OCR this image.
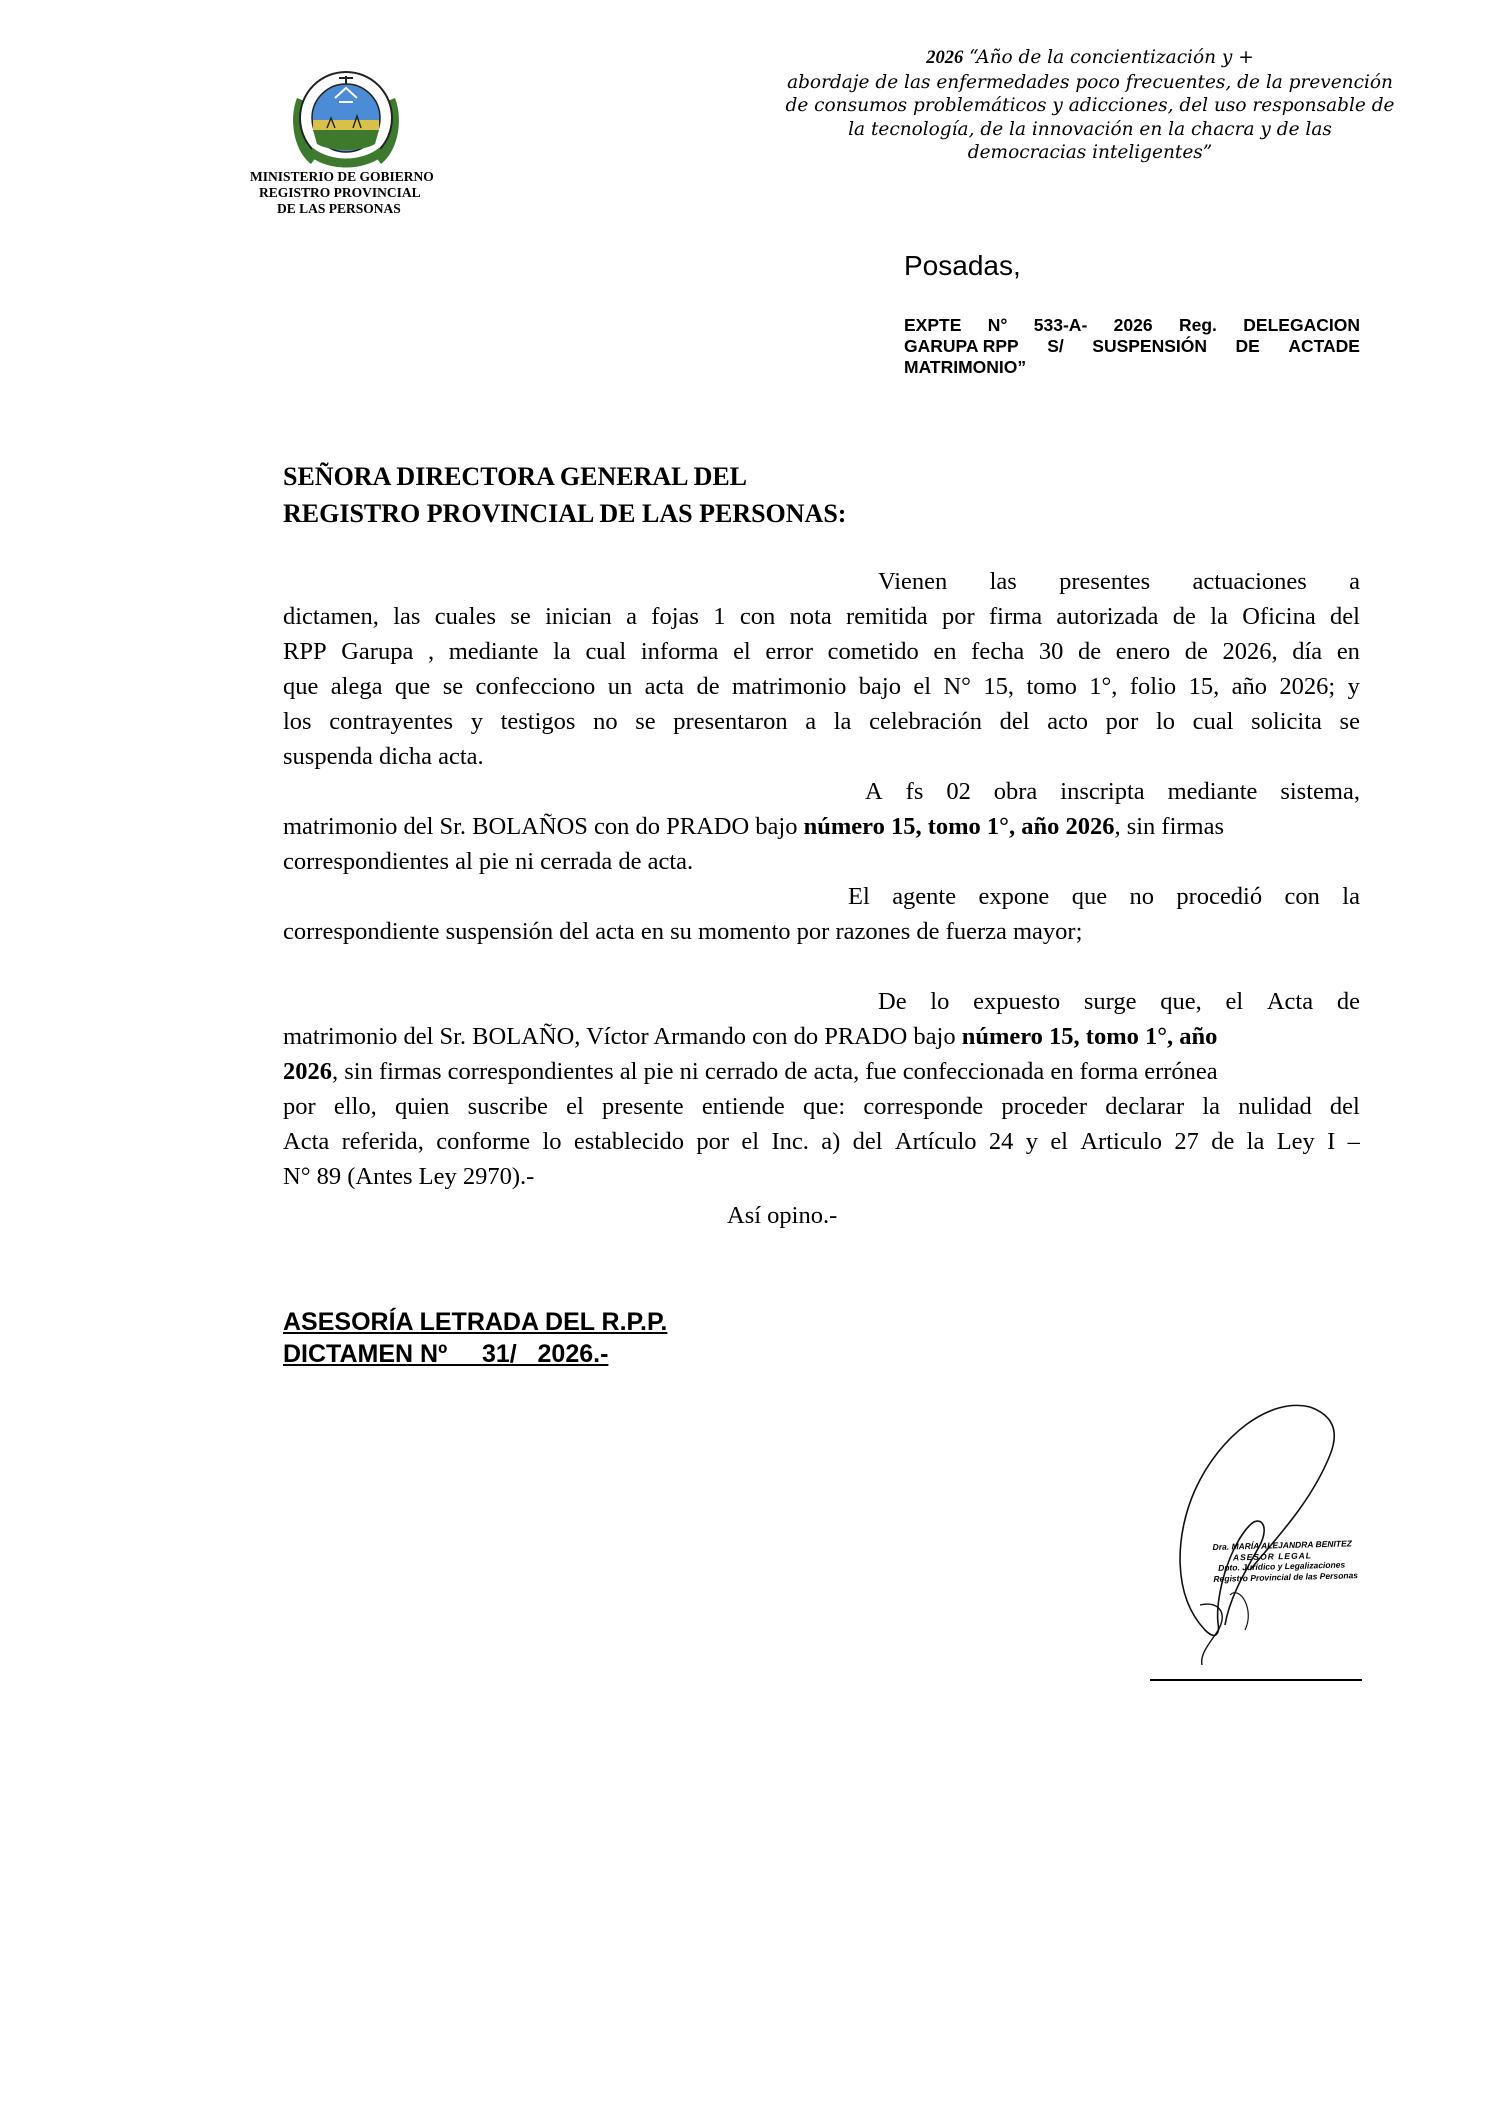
MINISTERIO DE GOBIERNO
REGISTRO PROVINCIAL
DE LAS PERSONAS
2026 “Año de la concientización y +
abordaje de las enfermedades poco frecuentes, de la prevención
de consumos problemáticos y adicciones, del uso responsable de
la tecnología, de la innovación en la chacra y de las
democracias inteligentes”
Posadas,
EXPTE N° 533-A- 2026 Reg. DELEGACION
GARUPA RPP S/ SUSPENSIÓN DE ACTADE
MATRIMONIO”
SEÑORA DIRECTORA GENERAL DEL
REGISTRO PROVINCIAL DE LAS PERSONAS:
Vienen las presentes actuaciones a
dictamen, las cuales se inician a fojas 1 con nota remitida por firma autorizada de la Oficina del
RPP Garupa , mediante la cual informa el error cometido en fecha 30 de enero de 2026, día en
que alega que se confecciono un acta de matrimonio bajo el N° 15, tomo 1°, folio 15, año 2026; y
los contrayentes y testigos no se presentaron a la celebración del acto por lo cual solicita se
suspenda dicha acta.
A fs 02 obra inscripta mediante sistema,
matrimonio del Sr. BOLAÑOS con do PRADO bajo número 15, tomo 1°, año 2026, sin firmas
correspondientes al pie ni cerrada de acta.
El agente expone que no procedió con la
correspondiente suspensión del acta en su momento por razones de fuerza mayor;
De lo expuesto surge que, el Acta de
matrimonio del Sr. BOLAÑO, Víctor Armando con do PRADO bajo número 15, tomo 1°, año
2026, sin firmas correspondientes al pie ni cerrado de acta, fue confeccionada en forma errónea
por ello, quien suscribe el presente entiende que: corresponde proceder declarar la nulidad del
Acta referida, conforme lo establecido por el Inc. a) del Artículo 24 y el Articulo 27 de la Ley I –
N° 89 (Antes Ley 2970).-
Así opino.-
ASESORÍA LETRADA DEL R.P.P.
DICTAMEN Nº     31/   2026.-
Dra. MARÍA ALEJANDRA BENITEZ
ASESOR LEGAL
Dpto. Jurídico y Legalizaciones
Registro Provincial de las Personas
